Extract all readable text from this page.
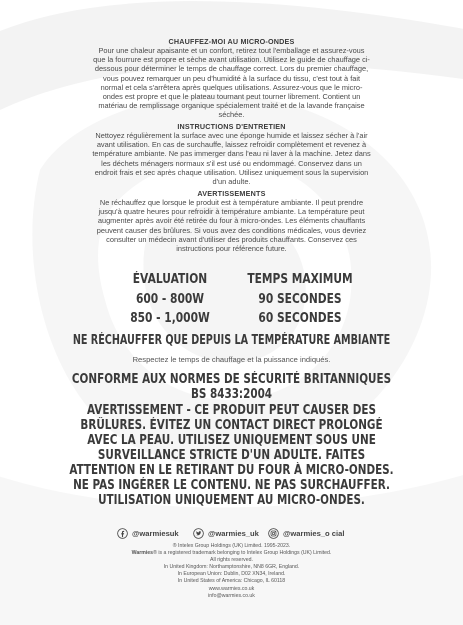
CHAUFFEZ-MOI AU MICRO-ONDES
Pour une chaleur apaisante et un confort, retirez tout l'emballage et assurez-vous
que la fourrure est propre et sèche avant utilisation. Utilisez le guide de chauffage ci-
dessous pour déterminer le temps de chauffage correct. Lors du premier chauffage,
vous pouvez remarquer un peu d'humidité à la surface du tissu, c'est tout à fait
normal et cela s'arrêtera après quelques utilisations. Assurez-vous que le micro-
ondes est propre et que le plateau tournant peut tourner librement. Contient un
matériau de remplissage organique spécialement traité et de la lavande française
séchée.
INSTRUCTIONS D'ENTRETIEN
Nettoyez régulièrement la surface avec une éponge humide et laissez sécher à l'air
avant utilisation. En cas de surchauffe, laissez refroidir complètement et revenez à
température ambiante. Ne pas immerger dans l'eau ni laver à la machine. Jetez dans
les déchets ménagers normaux s'il est usé ou endommagé. Conservez dans un
endroit frais et sec après chaque utilisation. Utilisez uniquement sous la supervision
d'un adulte.
AVERTISSEMENTS
Ne réchauffez que lorsque le produit est à température ambiante. Il peut prendre
jusqu'à quatre heures pour refroidir à température ambiante. La température peut
augmenter après avoir été retirée du four à micro-ondes. Les éléments chauffants
peuvent causer des brûlures. Si vous avez des conditions médicales, vous devriez
consulter un médecin avant d'utiliser des produits chauffants. Conservez ces
instructions pour référence future.
ÉVALUATION	TEMPS MAXIMUM
600 - 800W	90 SECONDES
850 - 1,000W	60 SECONDES
NE RÉCHAUFFER QUE DEPUIS LA TEMPÉRATURE AMBIANTE
Respectez le temps de chauffage et la puissance indiqués.
CONFORME AUX NORMES DE SÉCURITÉ BRITANNIQUES
BS 8433:2004
AVERTISSEMENT - CE PRODUIT PEUT CAUSER DES
BRÛLURES. ÉVITEZ UN CONTACT DIRECT PROLONGÉ
AVEC LA PEAU. UTILISEZ UNIQUEMENT SOUS UNE
SURVEILLANCE STRICTE D'UN ADULTE. FAITES
ATTENTION EN LE RETIRANT DU FOUR À MICRO-ONDES.
NE PAS INGÉRER LE CONTENU. NE PAS SURCHAUFFER.
UTILISATION UNIQUEMENT AU MICRO-ONDES.
@warmiesuk	@warmies_uk	@warmies_o cial
® Intelex Group Holdings (UK) Limited. 1995-2023.
Warmies® is a registered trademark belonging to Intelex Group Holdings (UK) Limited.
All rights reserved.
In United Kingdom: Northamptonshire, NN8 6GR, England.
In European Union: Dublin, D02 XN34, Ireland.
In United States of America: Chicago, IL 60118
www.warmies.co.uk
info@warmies.co.uk
